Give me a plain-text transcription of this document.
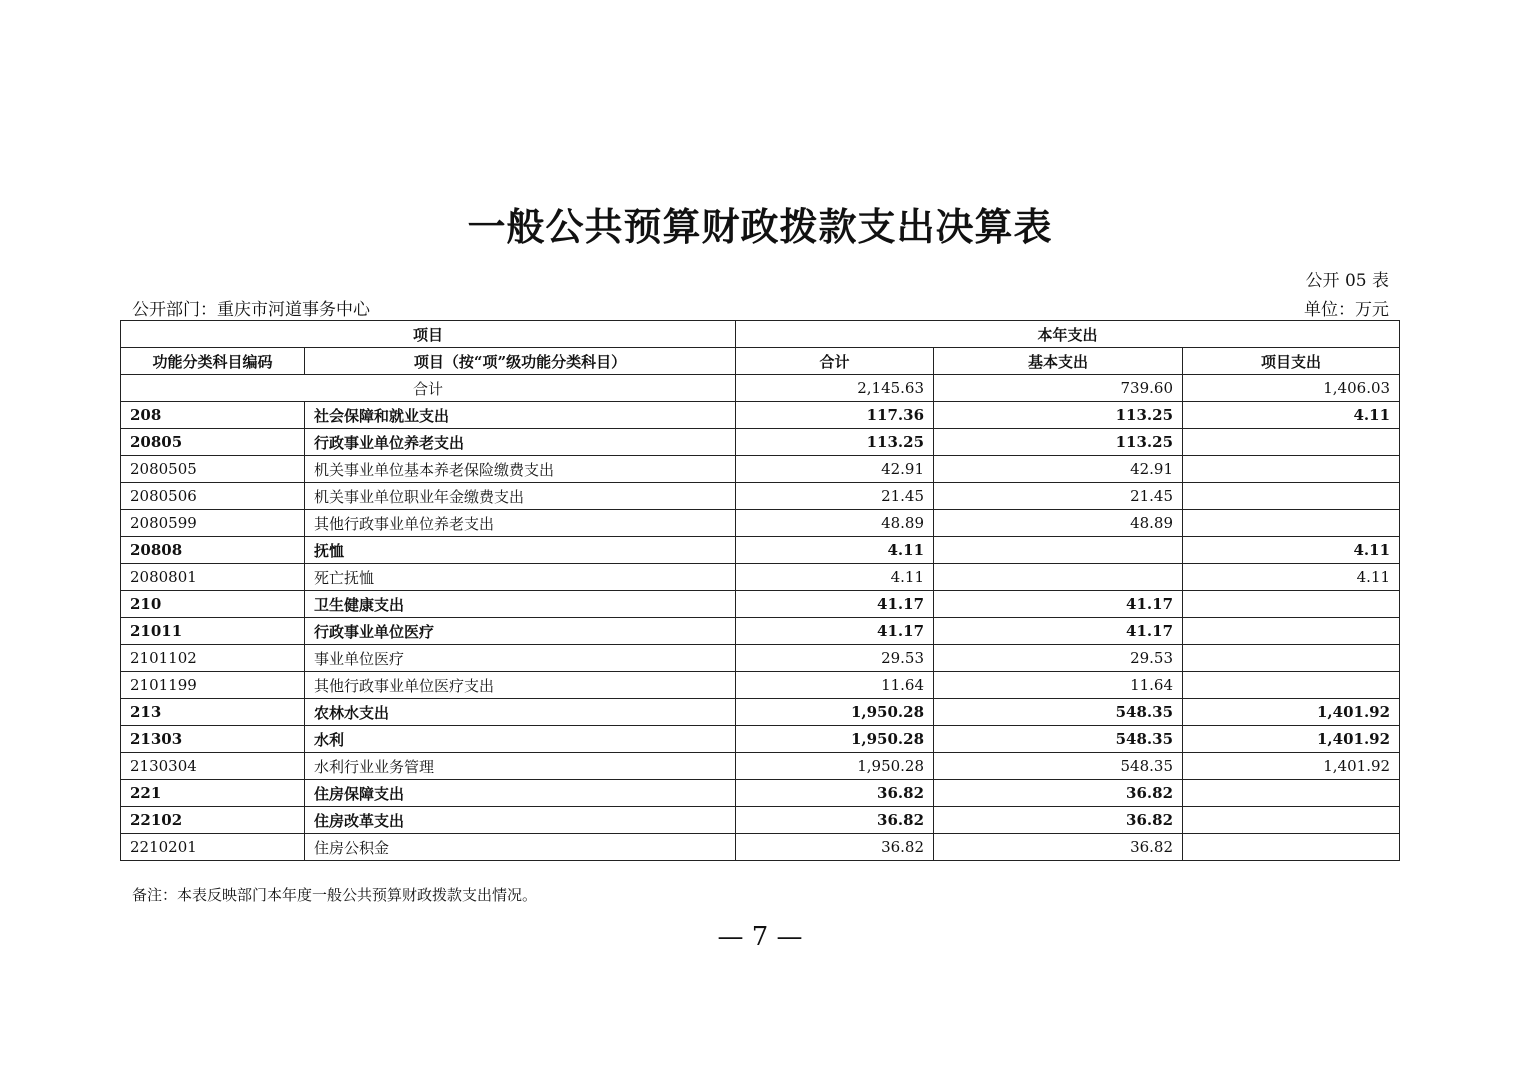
一般公共预算财政拨款支出决算表
公开 05 表
公开部门：重庆市河道事务中心	单位：万元
项目		本年支出		
功能分类科目编码	项目（按“项”级功能分类科目）	合计	基本支出	项目支出
合计		2,145.63	739.60	1,406.03
208	社会保障和就业支出	117.36	113.25	4.11
20805	行政事业单位养老支出	113.25	113.25	
2080505	机关事业单位基本养老保险缴费支出	42.91	42.91	
2080506	机关事业单位职业年金缴费支出	21.45	21.45	
2080599	其他行政事业单位养老支出	48.89	48.89	
20808	抚恤	4.11		4.11
2080801	死亡抚恤	4.11		4.11
210	卫生健康支出	41.17	41.17	
21011	行政事业单位医疗	41.17	41.17	
2101102	事业单位医疗	29.53	29.53	
2101199	其他行政事业单位医疗支出	11.64	11.64	
213	农林水支出	1,950.28	548.35	1,401.92
21303	水利	1,950.28	548.35	1,401.92
2130304	水利行业业务管理	1,950.28	548.35	1,401.92
221	住房保障支出	36.82	36.82	
22102	住房改革支出	36.82	36.82	
2210201	住房公积金	36.82	36.82	
备注：本表反映部门本年度一般公共预算财政拨款支出情况。
— 7 —
